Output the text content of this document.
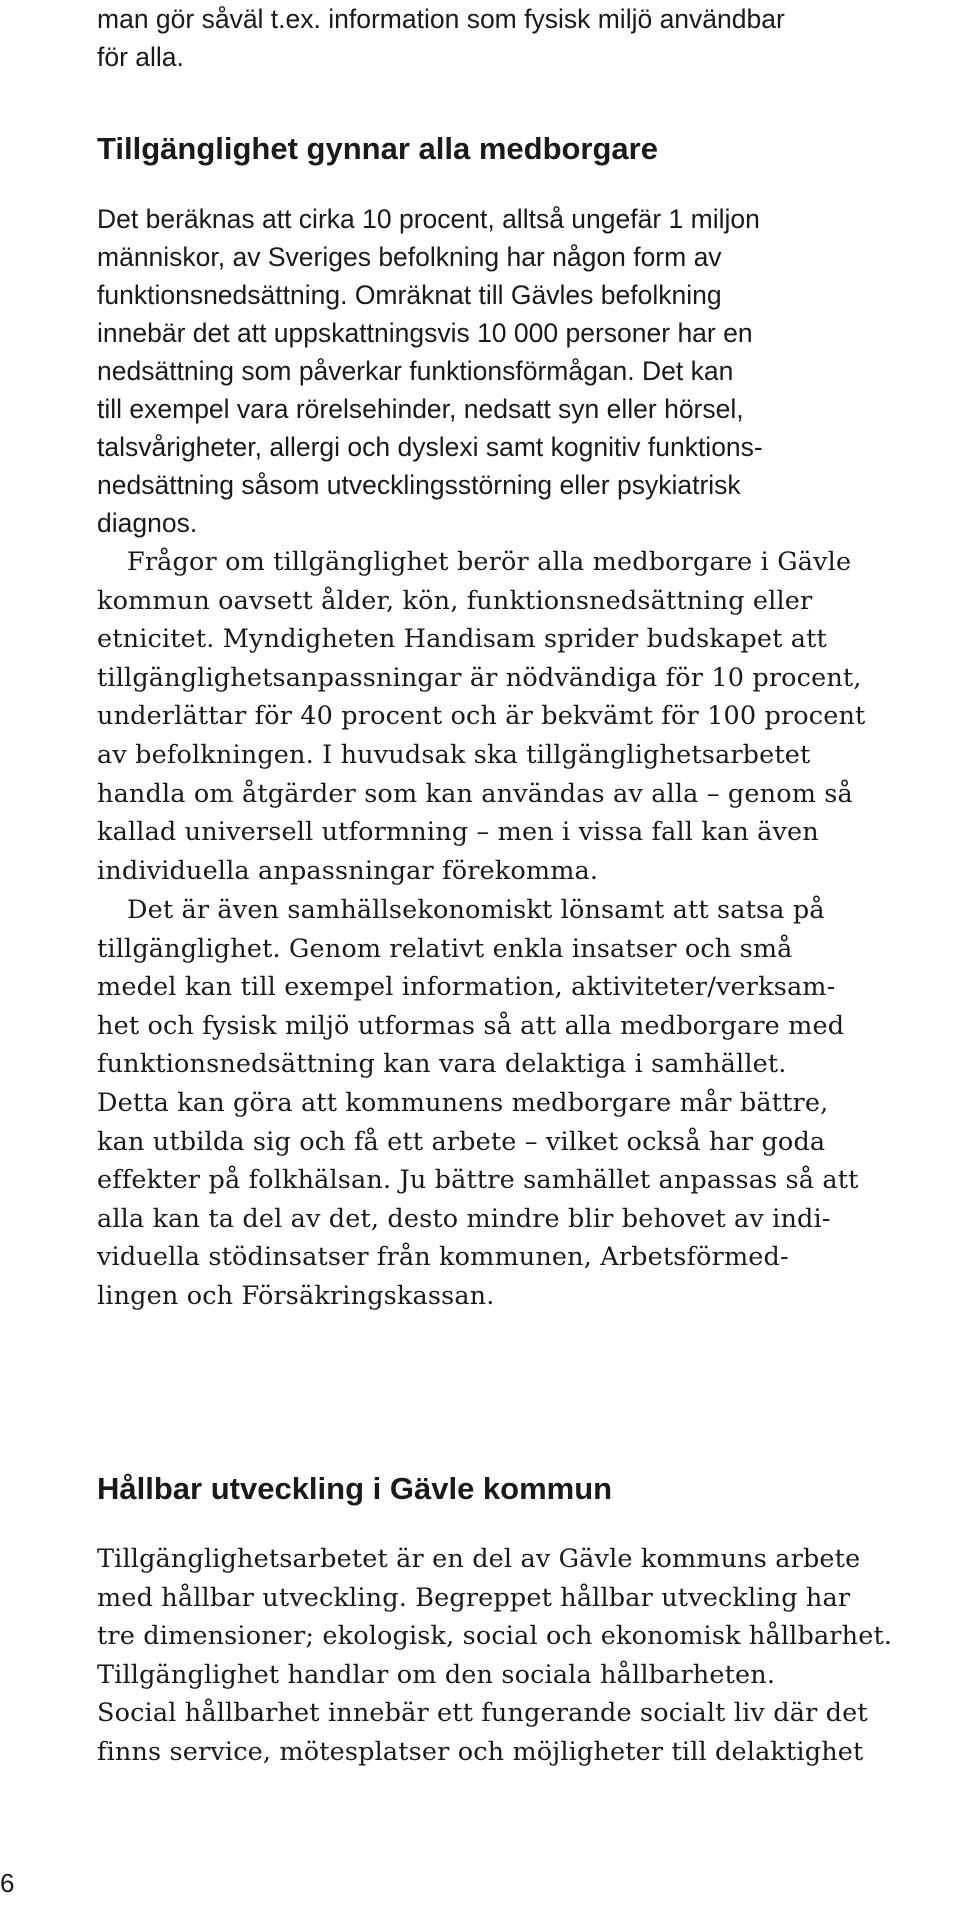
man gör såväl t.ex. information som fysisk miljö användbar
för alla.
Tillgänglighet gynnar alla medborgare
Det beräknas att cirka 10 procent, alltså ungefär 1 miljon
människor, av Sveriges befolkning har någon form av
funktionsnedsättning. Omräknat till Gävles befolkning
innebär det att uppskattningsvis 10 000 personer har en
nedsättning som påverkar funktionsförmågan. Det kan
till exempel vara rörelsehinder, nedsatt syn eller hörsel,
talsvårigheter, allergi och dyslexi samt kognitiv funktions-
nedsättning såsom utvecklingsstörning eller psykiatrisk
diagnos.
Frågor om tillgänglighet berör alla medborgare i Gävle
kommun oavsett ålder, kön, funktionsnedsättning eller
etnicitet. Myndigheten Handisam sprider budskapet att
tillgänglighetsanpassningar är nödvändiga för 10 procent,
underlättar för 40 procent och är bekvämt för 100 procent
av befolkningen. I huvudsak ska tillgänglighetsarbetet
handla om åtgärder som kan användas av alla – genom så
kallad universell utformning – men i vissa fall kan även
individuella anpassningar förekomma.
Det är även samhällsekonomiskt lönsamt att satsa på
tillgänglighet. Genom relativt enkla insatser och små
medel kan till exempel information, aktiviteter/verksam-
het och fysisk miljö utformas så att alla medborgare med
funktionsnedsättning kan vara delaktiga i samhället.
Detta kan göra att kommunens medborgare mår bättre,
kan utbilda sig och få ett arbete – vilket också har goda
effekter på folkhälsan. Ju bättre samhället anpassas så att
alla kan ta del av det, desto mindre blir behovet av indi-
viduella stödinsatser från kommunen, Arbetsförmed-
lingen och Försäkringskassan.
Hållbar utveckling i Gävle kommun
Tillgänglighetsarbetet är en del av Gävle kommuns arbete
med hållbar utveckling. Begreppet hållbar utveckling har
tre dimensioner; ekologisk, social och ekonomisk hållbarhet.
Tillgänglighet handlar om den sociala hållbarheten.
Social hållbarhet innebär ett fungerande socialt liv där det
finns service, mötesplatser och möjligheter till delaktighet
6
